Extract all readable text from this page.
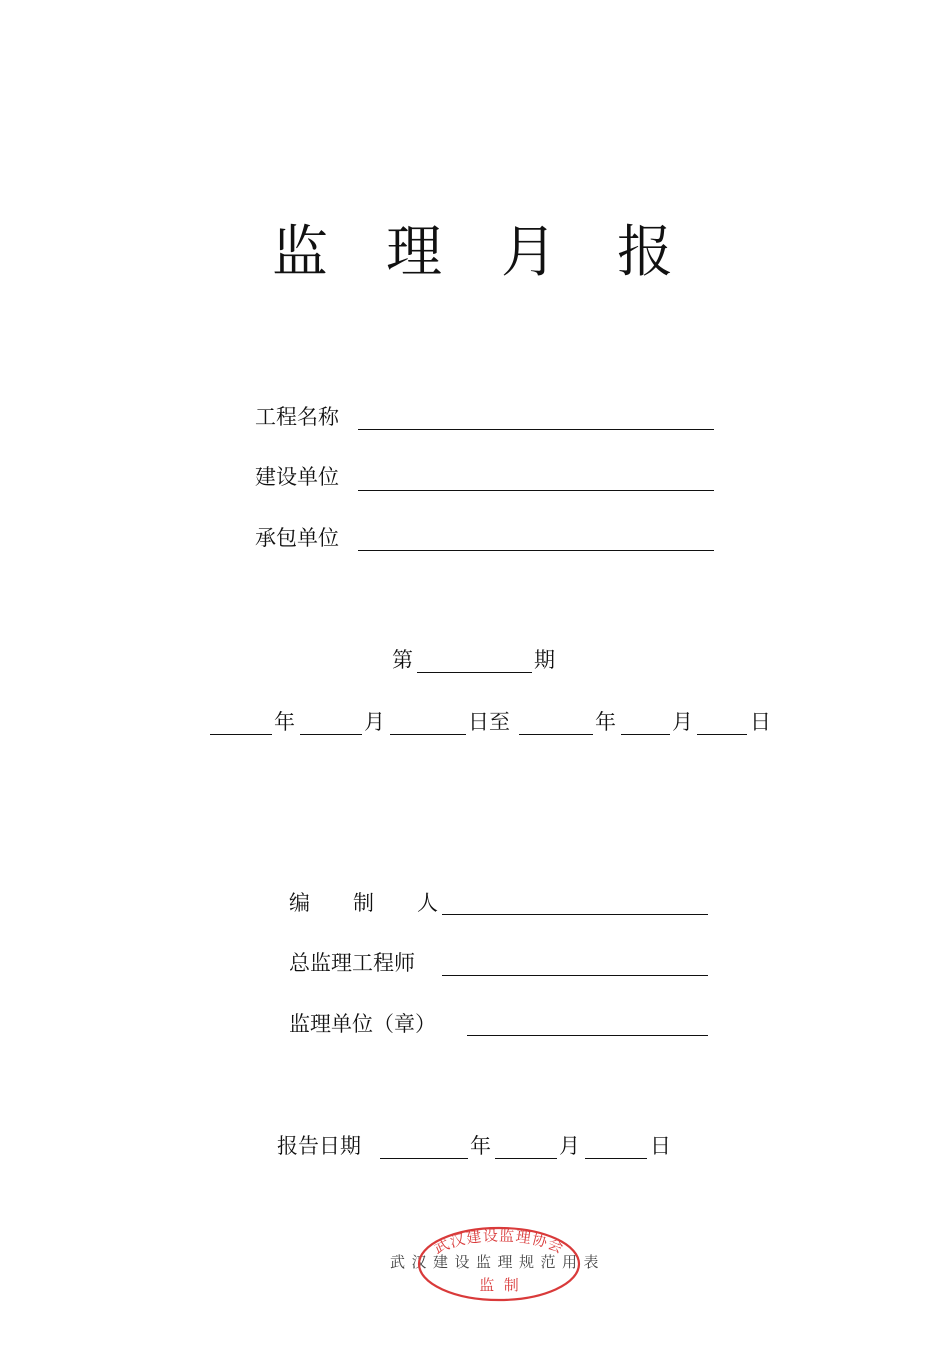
监 理 月 报
工程名称
建设单位
承包单位
第	期
年	月	日至	年	月	日
编 制 人
总监理工程师
监理单位（章）
报告日期	年	月	日
武汉建设监理规范用表
武汉建设监理协会
监  制
